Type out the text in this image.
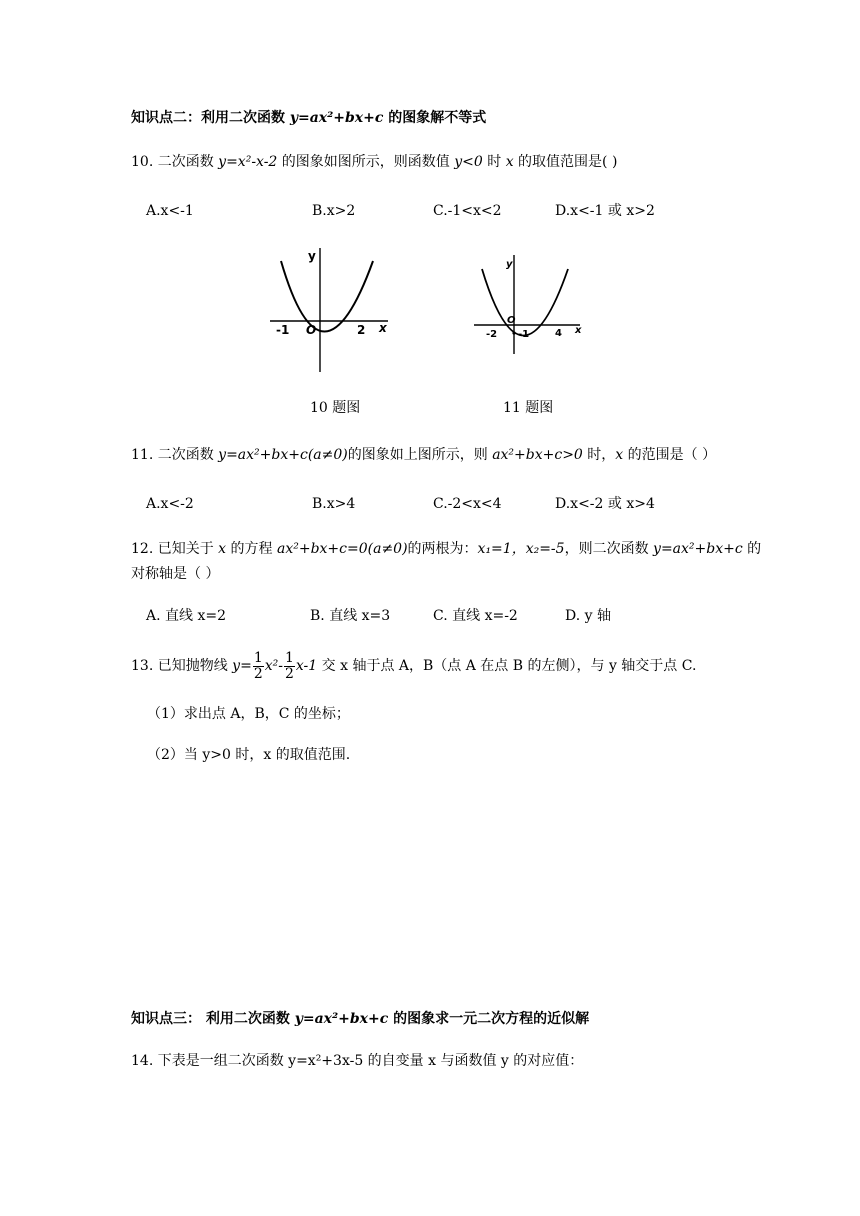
知识点二：利用二次函数 y=ax²+bx+c 的图象解不等式
10. 二次函数 y=x²-x-2 的图象如图所示，则函数值 y<0 时 x 的取值范围是( )
A.x<-1	B.x>2	C.-1<x<2	D.x<-1 或 x>2
y
-1 O	2 x
10 题图
y
-2
O
-1	4 x
11 题图
11. 二次函数 y=ax²+bx+c(a≠0)的图象如上图所示，则 ax²+bx+c>0 时，x 的范围是（ ）
A.x<-2	B.x>4	C.-2<x<4	D.x<-2 或 x>4
12. 已知关于 x 的方程 ax²+bx+c=0(a≠0)的两根为：x₁=1，x₂=-5，则二次函数 y=ax²+bx+c 的
对称轴是（ ）
A. 直线 x=2	B. 直线 x=3	C. 直线 x=-2	D. y 轴
13. 已知抛物线 $y= \frac{1}{2} x^2- \frac{1}{2} x-1$ 交 x 轴于点 A，B（点 A 在点 B 的左侧），与 y 轴交于点 C.
（1）求出点 A，B，C 的坐标；
（2）当 y>0 时，x 的取值范围.
知识点三： 利用二次函数 y=ax²+bx+c 的图象求一元二次方程的近似解
14. 下表是一组二次函数 y=x²+3x-5 的自变量 x 与函数值 y 的对应值：
